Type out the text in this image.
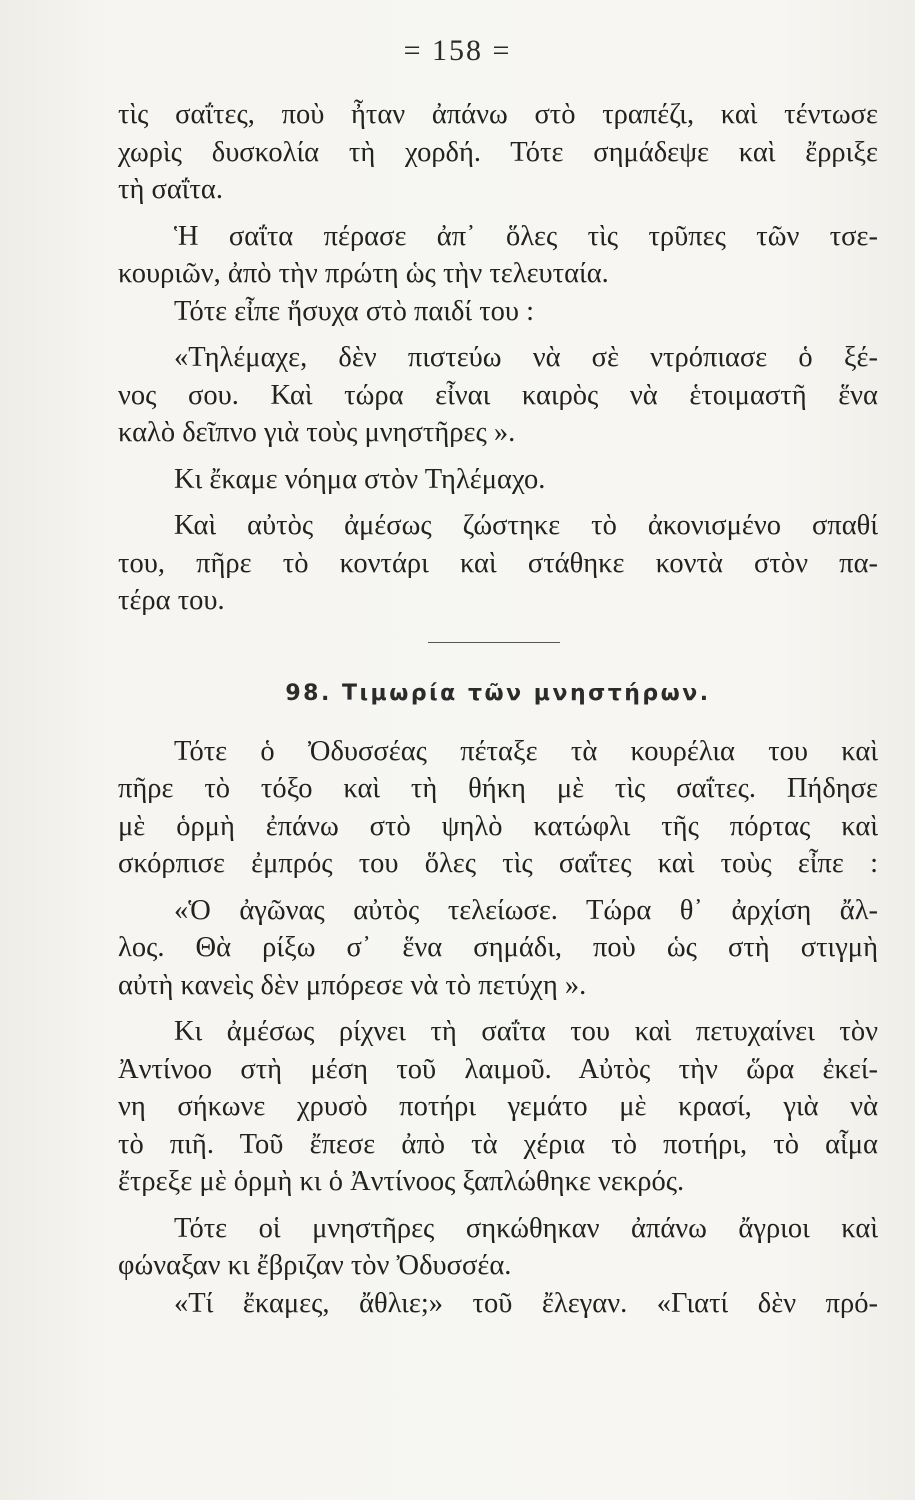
= 158 =
τὶς σαΐτες, ποὺ ἦταν ἀπάνω στὸ τραπέζι, καὶ τέντωσε
χωρὶς δυσκολία τὴ χορδή. Τότε σημάδεψε καὶ ἔρριξε
τὴ σαΐτα.
Ἡ σαΐτα πέρασε ἀπ᾽ ὅλες τὶς τρῦπες τῶν τσε-
κουριῶν, ἀπὸ τὴν πρώτη ὡς τὴν τελευταία.
Τότε εἶπε ἥσυχα στὸ παιδί του :
«Τηλέμαχε, δὲν πιστεύω νὰ σὲ ντρόπιασε ὁ ξέ-
νος σου. Καὶ τώρα εἶναι καιρὸς νὰ ἑτοιμαστῆ ἕνα
καλὸ δεῖπνο γιὰ τοὺς μνηστῆρες ».
Κι ἔκαμε νόημα στὸν Τηλέμαχο.
Καὶ αὐτὸς ἀμέσως ζώστηκε τὸ ἀκονισμένο σπαθί
του, πῆρε τὸ κοντάρι καὶ στάθηκε κοντὰ στὸν πα-
τέρα του.
98. Τιμωρία τῶν μνηστήρων.
Τότε ὁ Ὀδυσσέας πέταξε τὰ κουρέλια του καὶ
πῆρε τὸ τόξο καὶ τὴ θήκη μὲ τὶς σαΐτες. Πήδησε
μὲ ὁρμὴ ἐπάνω στὸ ψηλὸ κατώφλι τῆς πόρτας καὶ
σκόρπισε ἐμπρός του ὅλες τὶς σαΐτες καὶ τοὺς εἶπε :
«Ὁ ἀγῶνας αὐτὸς τελείωσε. Τώρα θ᾽ ἀρχίση ἄλ-
λος. Θὰ ρίξω σ᾽ ἕνα σημάδι, ποὺ ὡς στὴ στιγμὴ
αὐτὴ κανεὶς δὲν μπόρεσε νὰ τὸ πετύχη ».
Κι ἀμέσως ρίχνει τὴ σαΐτα του καὶ πετυχαίνει τὸν
Ἀντίνοο στὴ μέση τοῦ λαιμοῦ. Αὐτὸς τὴν ὥρα ἐκεί-
νη σήκωνε χρυσὸ ποτήρι γεμάτο μὲ κρασί, γιὰ νὰ
τὸ πιῆ. Τοῦ ἔπεσε ἀπὸ τὰ χέρια τὸ ποτήρι, τὸ αἷμα
ἔτρεξε μὲ ὁρμὴ κι ὁ Ἀντίνοος ξαπλώθηκε νεκρός.
Τότε οἱ μνηστῆρες σηκώθηκαν ἀπάνω ἄγριοι καὶ
φώναξαν κι ἔβριζαν τὸν Ὀδυσσέα.
«Τί ἔκαμες, ἄθλιε;» τοῦ ἔλεγαν. «Γιατί δὲν πρό-
